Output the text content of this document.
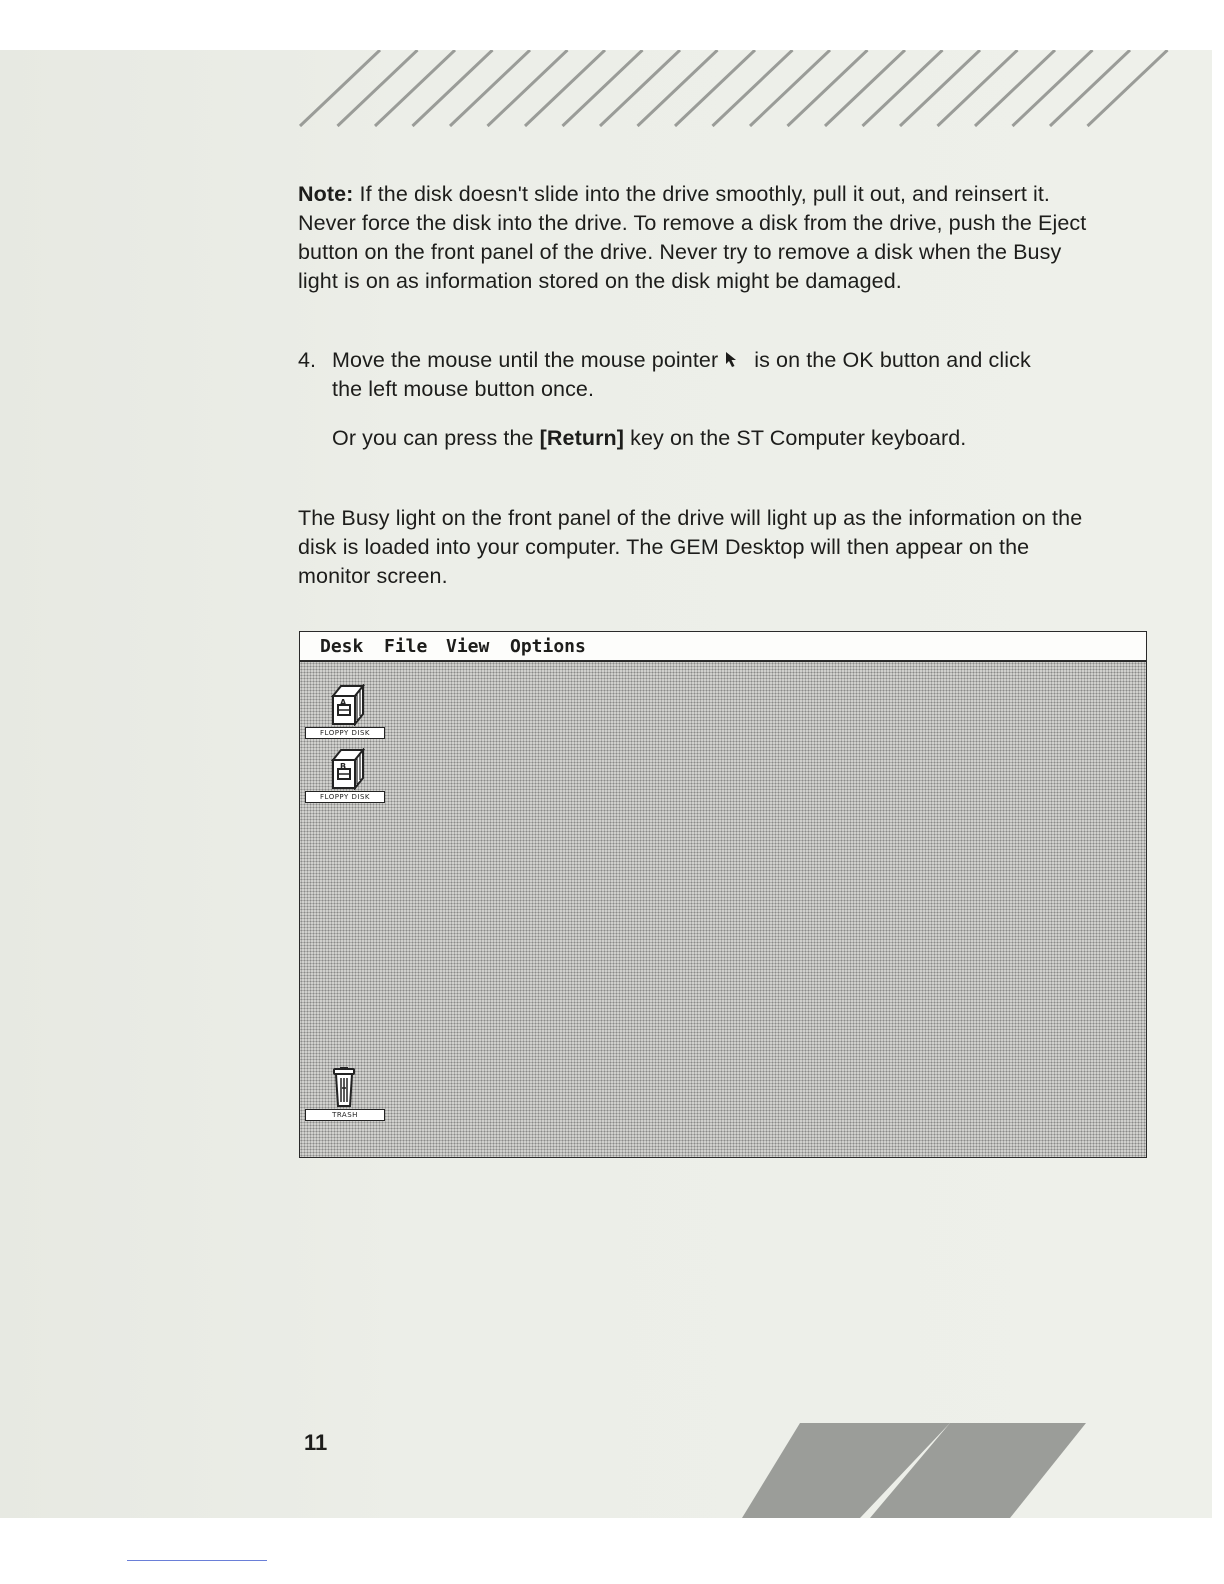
Note: If the disk doesn't slide into the drive smoothly, pull it out, and reinsert it. Never force the disk into the drive. To remove a disk from the drive, push the Eject button on the front panel of the drive. Never try to remove a disk when the Busy light is on as information stored on the disk might be damaged.

4. Move the mouse until the mouse pointer is on the OK button and click the left mouse button once.

Or you can press the [Return] key on the ST Computer keyboard.

The Busy light on the front panel of the drive will light up as the information on the disk is loaded into your computer. The GEM Desktop will then appear on the monitor screen.

Desk File View Options
A
FLOPPY DISK
B
FLOPPY DISK
TRASH
11
